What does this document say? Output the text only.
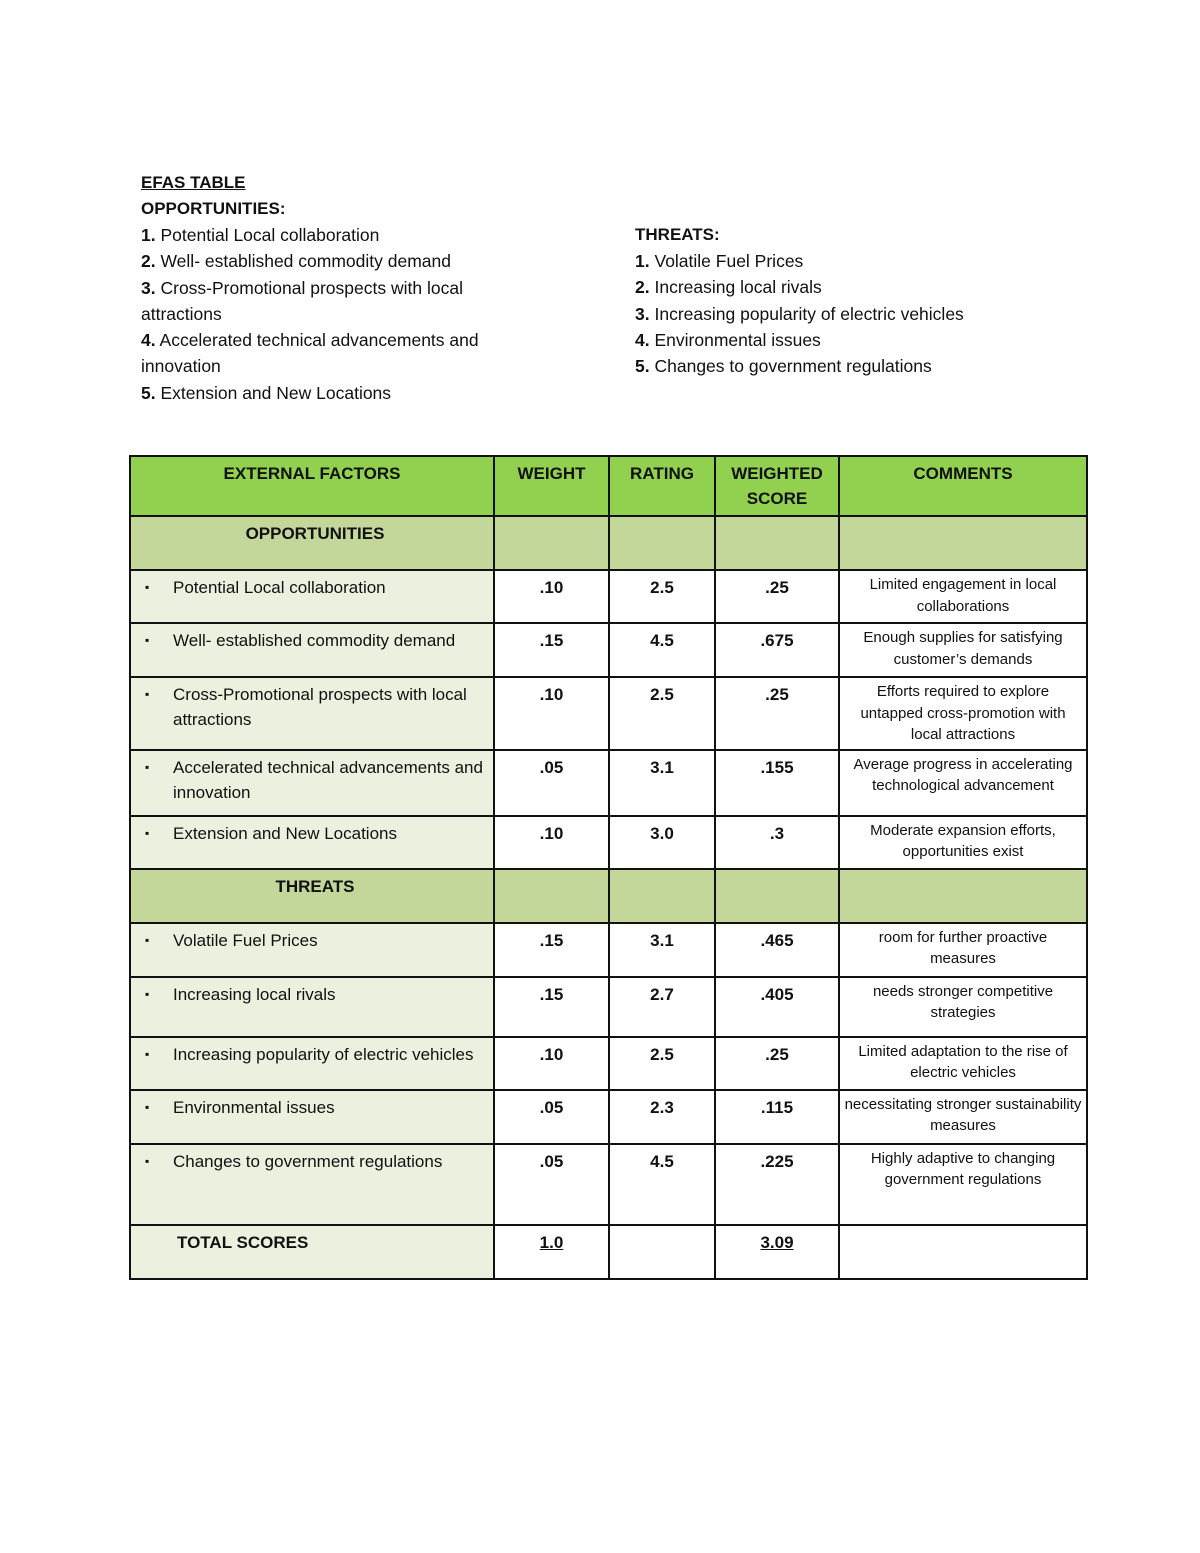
EFAS TABLE
OPPORTUNITIES:
1. Potential Local collaboration
2. Well- established commodity demand
3. Cross-Promotional prospects with local attractions
4. Accelerated technical advancements and innovation
5. Extension and New Locations
THREATS:
1. Volatile Fuel Prices
2. Increasing local rivals
3. Increasing popularity of electric vehicles
4. Environmental issues
5. Changes to government regulations
EXTERNAL FACTORS	WEIGHT	RATING	WEIGHTED SCORE	COMMENTS
OPPORTUNITIES				

▪ Potential Local collaboration	.10	2.5	.25	Limited engagement in local collaborations

▪ Well- established commodity demand	.15	4.5	.675	Enough supplies for satisfying customer’s demands

▪ Cross-Promotional prospects with local attractions	.10	2.5	.25	Efforts required to explore untapped cross-promotion with local attractions

▪ Accelerated technical advancements and innovation	.05	3.1	.155	Average progress in accelerating technological advancement

▪ Extension and New Locations	.10	3.0	.3	Moderate expansion efforts, opportunities exist
THREATS				

▪ Volatile Fuel Prices	.15	3.1	.465	room for further proactive measures

▪ Increasing local rivals	.15	2.7	.405	needs stronger competitive strategies

▪ Increasing popularity of electric vehicles	.10	2.5	.25	Limited adaptation to the rise of electric vehicles

▪ Environmental issues	.05	2.3	.115	necessitating stronger sustainability measures

▪ Changes to government regulations	.05	4.5	.225	Highly adaptive to changing government regulations
TOTAL SCORES	1.0		3.09	
